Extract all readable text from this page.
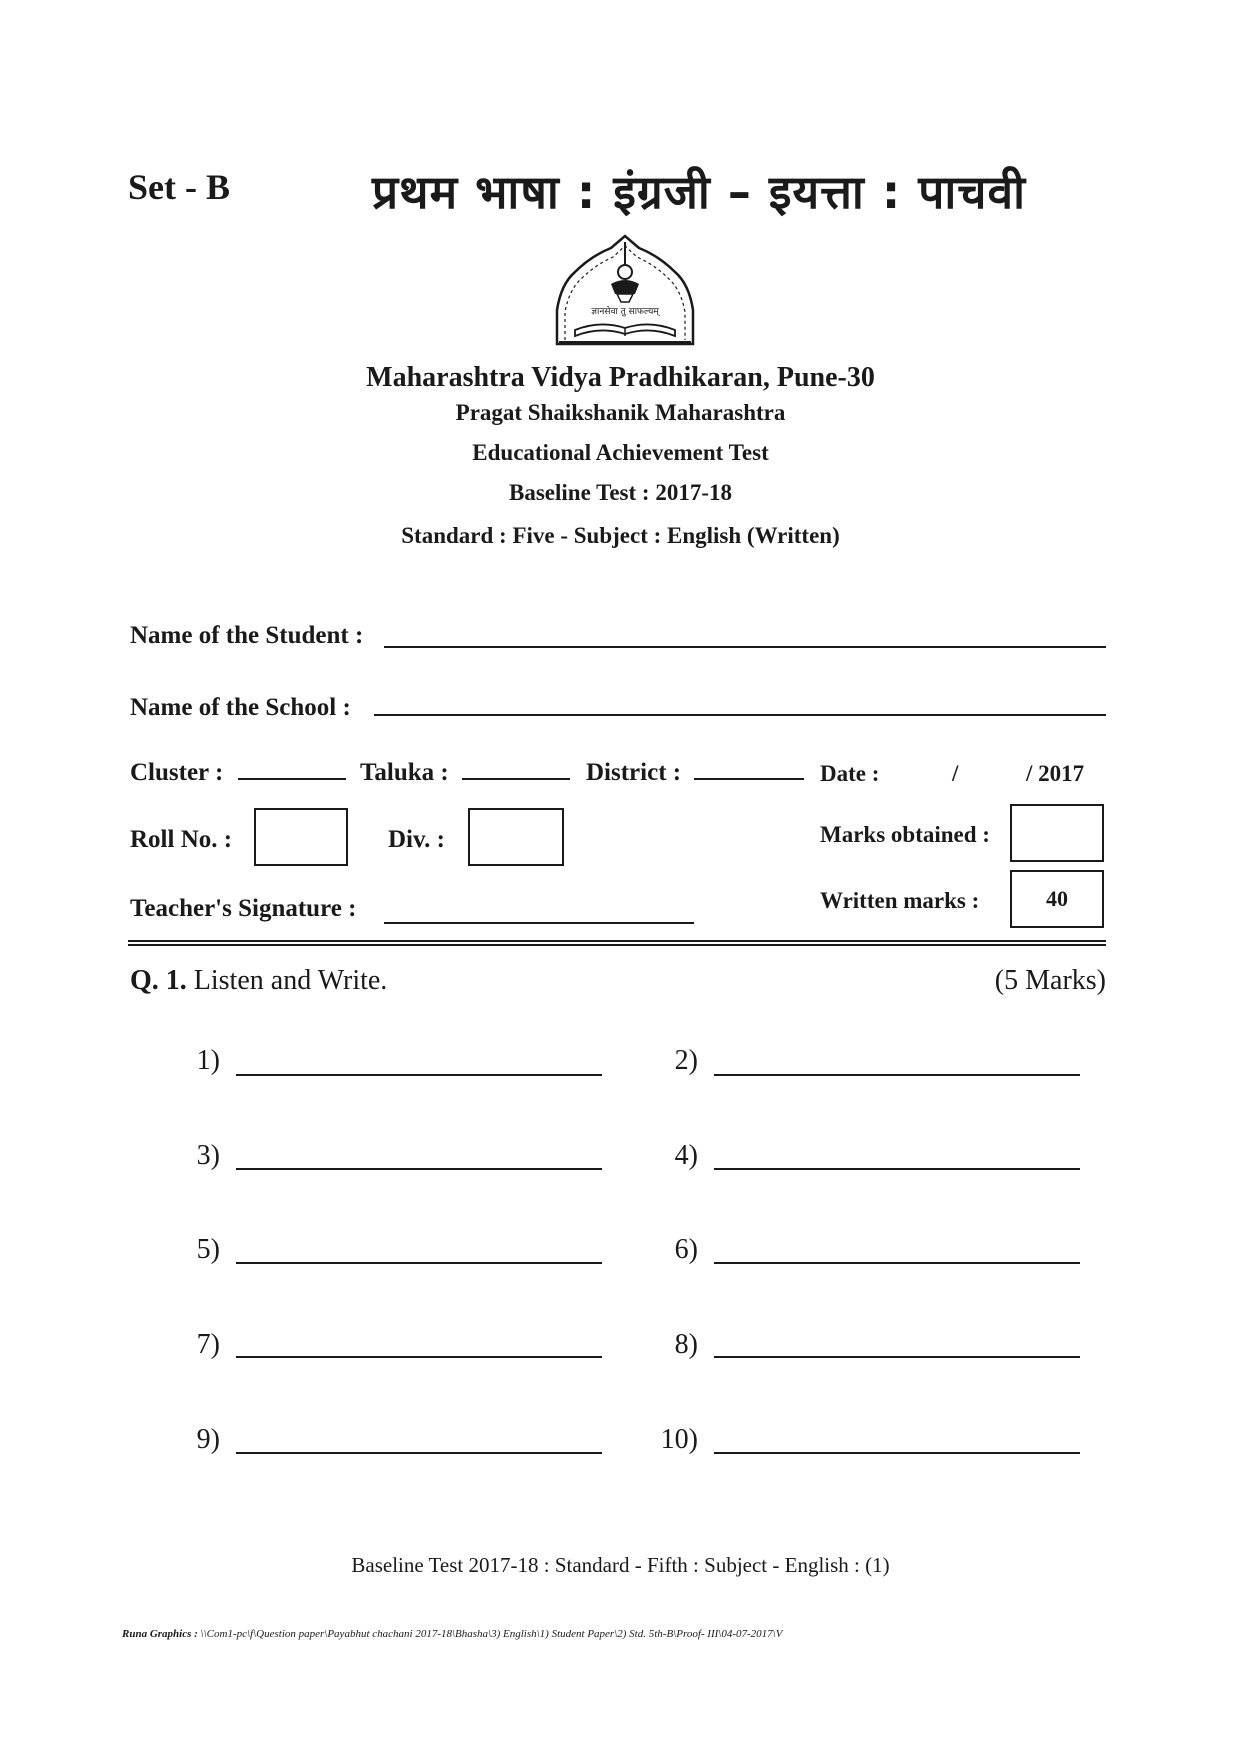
Set - B	प्रथम भाषा : इंग्रजी – इयत्ता : पाचवी
ज्ञानसेवा तु साफल्यम्
Maharashtra Vidya Pradhikaran, Pune-30
Pragat Shaikshanik Maharashtra
Educational Achievement Test
Baseline Test : 2017-18
Standard : Five - Subject : English (Written)
Name of the Student :
Name of the School :
Cluster :	Taluka :	District :	Date :	/	/ 2017
Roll No. :	Div. :	Marks obtained :
Written marks :	40
Teacher's Signature :
Q. 1. Listen and Write.	(5 Marks)
1)	2)
3)	4)
5)	6)
7)	8)
9)	10)
Baseline Test 2017-18 : Standard - Fifth : Subject - English : (1)
Runa Graphics : \\Com1-pc\f\Question paper\Payabhut chachani 2017-18\Bhasha\3) English\1) Student Paper\2) Std. 5th-B\Proof- III\04-07-2017\V
